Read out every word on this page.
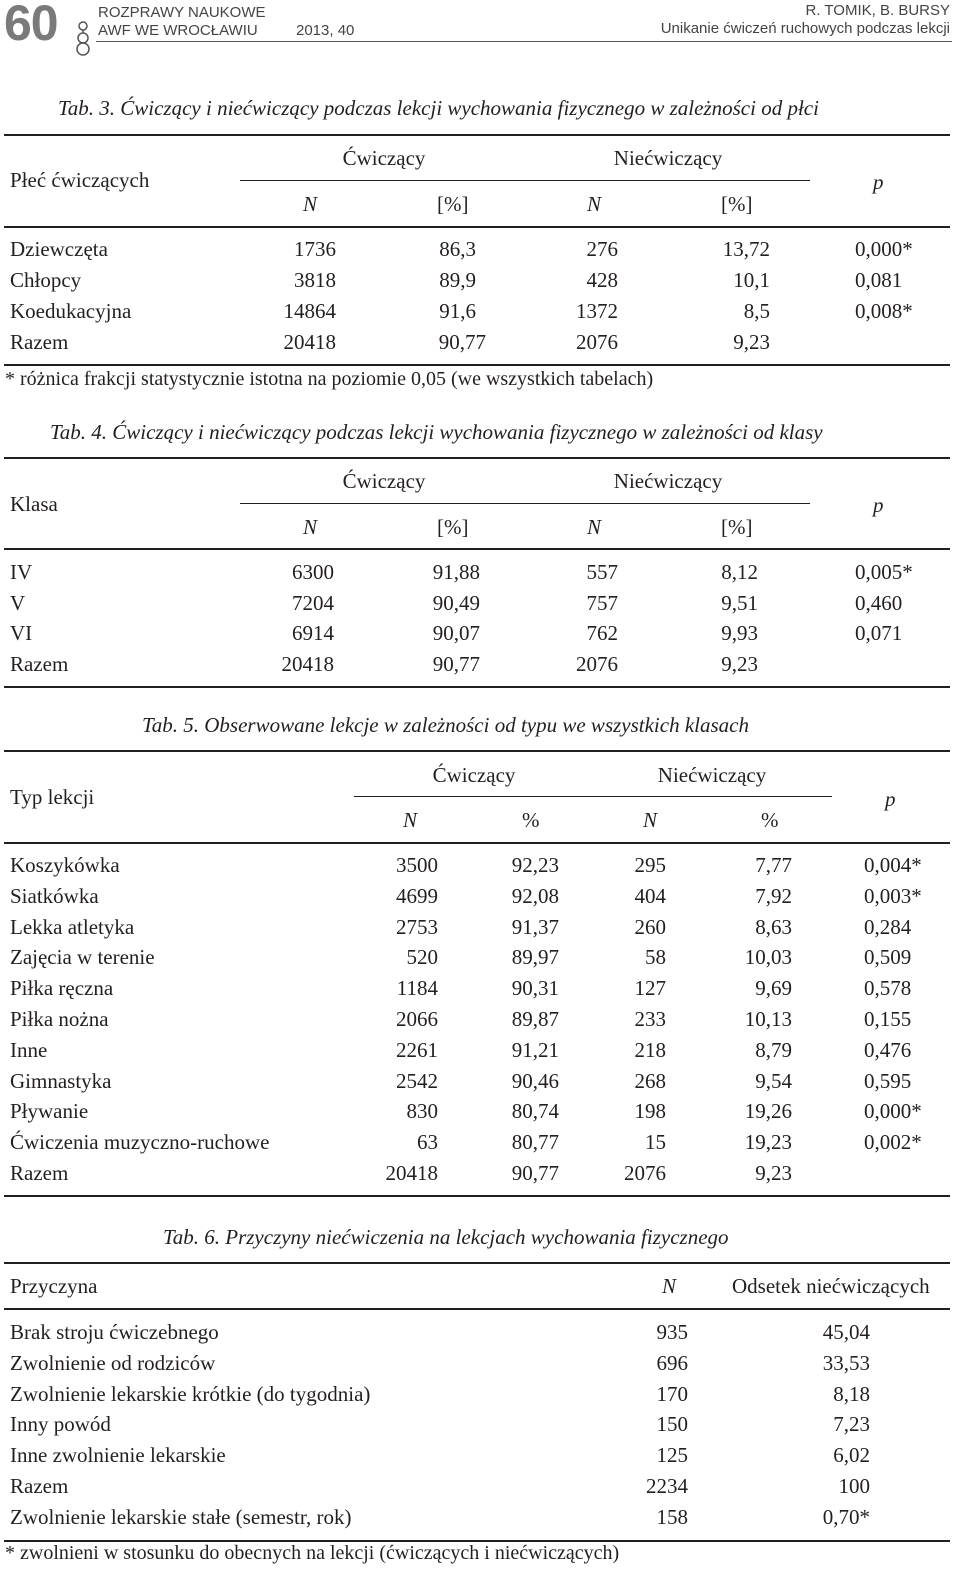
60	ROZPRAWY NAUKOWE
AWF WE WROCŁAWIU	2013, 40
R. TOMIK, B. BURSY
Unikanie ćwiczeń ruchowych podczas lekcji
Tab. 3. Ćwiczący i niećwiczący podczas lekcji wychowania fizycznego w zależności od płci
Płeć ćwiczących
Ćwiczący	Niećwiczący
p
N	[%]	N	[%]
Dziewczęta	1736	86,3	276	13,72	0,000*
Chłopcy	3818	89,9	428	10,1	0,081
Koedukacyjna	14864	91,6	1372	8,5	0,008*
Razem	20418	90,77	2076	9,23
* różnica frakcji statystycznie istotna na poziomie 0,05 (we wszystkich tabelach)
Tab. 4. Ćwiczący i niećwiczący podczas lekcji wychowania fizycznego w zależności od klasy
Klasa
Ćwiczący	Niećwiczący
p
N	[%]	N	[%]
IV	6300	91,88	557	8,12	0,005*
V	7204	90,49	757	9,51	0,460
VI	6914	90,07	762	9,93	0,071
Razem	20418	90,77	2076	9,23
Tab. 5. Obserwowane lekcje w zależności od typu we wszystkich klasach
Typ lekcji
Ćwiczący	Niećwiczący
p
N	%	N	%
Koszykówka	3500	92,23	295	7,77	0,004*
Siatkówka	4699	92,08	404	7,92	0,003*
Lekka atletyka	2753	91,37	260	8,63	0,284
Zajęcia w terenie	520	89,97	58	10,03	0,509
Piłka ręczna	1184	90,31	127	9,69	0,578
Piłka nożna	2066	89,87	233	10,13	0,155
Inne	2261	91,21	218	8,79	0,476
Gimnastyka	2542	90,46	268	9,54	0,595
Pływanie	830	80,74	198	19,26	0,000*
Ćwiczenia muzyczno-ruchowe	63	80,77	15	19,23	0,002*
Razem	20418	90,77	2076	9,23
Tab. 6. Przyczyny niećwiczenia na lekcjach wychowania fizycznego
Przyczyna	N	Odsetek niećwiczących
Brak stroju ćwiczebnego	935	45,04
Zwolnienie od rodziców	696	33,53
Zwolnienie lekarskie krótkie (do tygodnia)	170	8,18
Inny powód	150	7,23
Inne zwolnienie lekarskie	125	6,02
Razem	2234	100
Zwolnienie lekarskie stałe (semestr, rok)	158	0,70*
* zwolnieni w stosunku do obecnych na lekcji (ćwiczących i niećwiczących)
